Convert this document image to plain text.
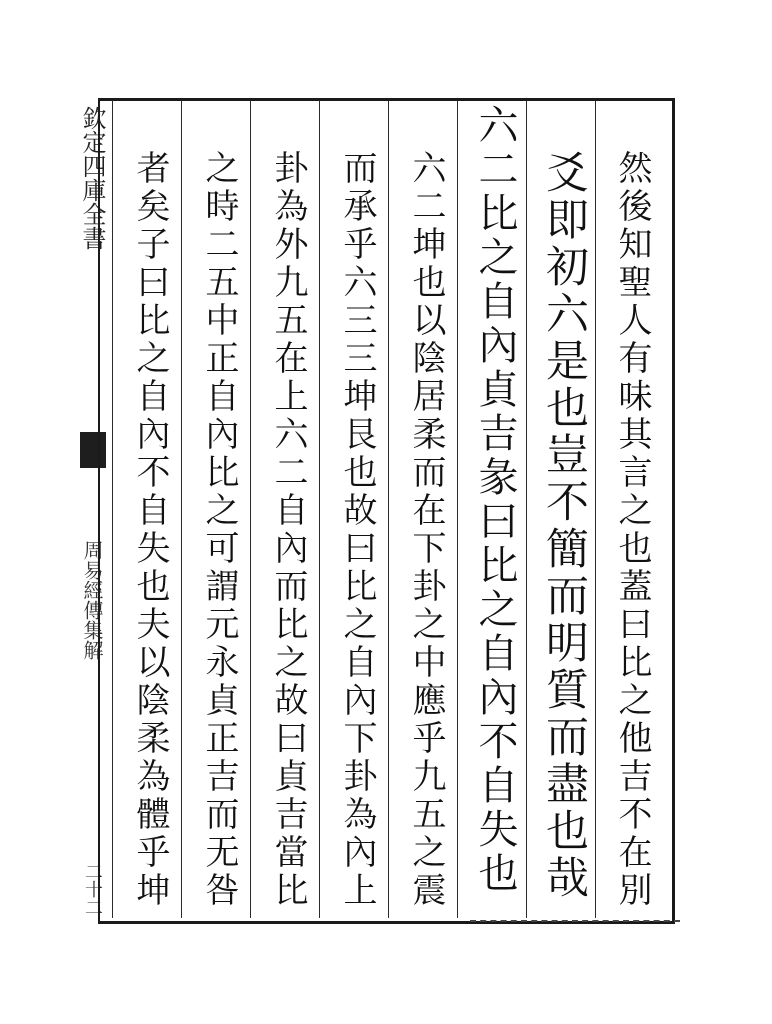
欽定四庫全書
周易經傳集解
二十二	然後知聖人有味其言之也蓋曰比之他吉不在別
爻即初六是也豈不簡而明質而盡也哉
六二比之自內貞吉彖曰比之自內不自失也
六二坤也以陰居柔而在下卦之中應乎九五之震
而承乎六三三坤艮也故曰比之自內下卦為內上
卦為外九五在上六二自內而比之故曰貞吉當比
之時二五中正自內比之可謂元永貞正吉而无咎
者矣子曰比之自內不自失也夫以陰柔為體乎坤
